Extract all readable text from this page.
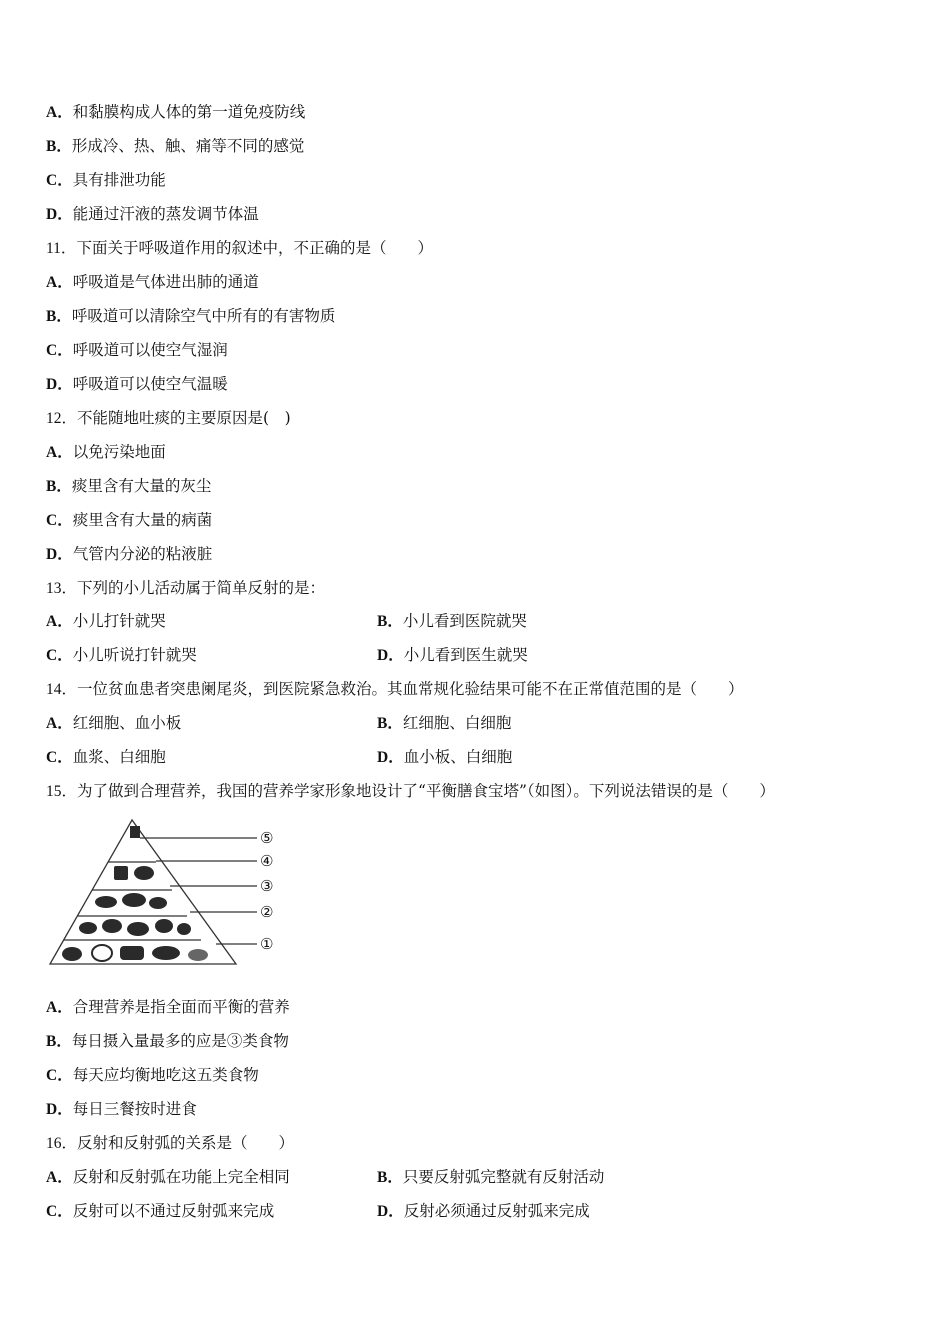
A．和黏膜构成人体的第一道免疫防线
B．形成冷、热、触、痛等不同的感觉
C．具有排泄功能
D．能通过汗液的蒸发调节体温
11．下面关于呼吸道作用的叙述中，不正确的是（　　）
A．呼吸道是气体进出肺的通道
B．呼吸道可以清除空气中所有的有害物质
C．呼吸道可以使空气湿润
D．呼吸道可以使空气温暖
12．不能随地吐痰的主要原因是(　)
A．以免污染地面
B．痰里含有大量的灰尘
C．痰里含有大量的病菌
D．气管内分泌的粘液脏
13．下列的小儿活动属于简单反射的是：
A．小儿打针就哭	B．小儿看到医院就哭
C．小儿听说打针就哭	D．小儿看到医生就哭
14．一位贫血患者突患阑尾炎，到医院紧急救治。其血常规化验结果可能不在正常值范围的是（　　）
A．红细胞、血小板	B．红细胞、白细胞
C．血浆、白细胞	D．血小板、白细胞
15．为了做到合理营养，我国的营养学家形象地设计了“平衡膳食宝塔”（如图）。下列说法错误的是（　　）
⑤
④
③
②
①
A．合理营养是指全面而平衡的营养
B．每日摄入量最多的应是③类食物
C．每天应均衡地吃这五类食物
D．每日三餐按时进食
16．反射和反射弧的关系是（　　）
A．反射和反射弧在功能上完全相同	B．只要反射弧完整就有反射活动
C．反射可以不通过反射弧来完成	D．反射必须通过反射弧来完成
